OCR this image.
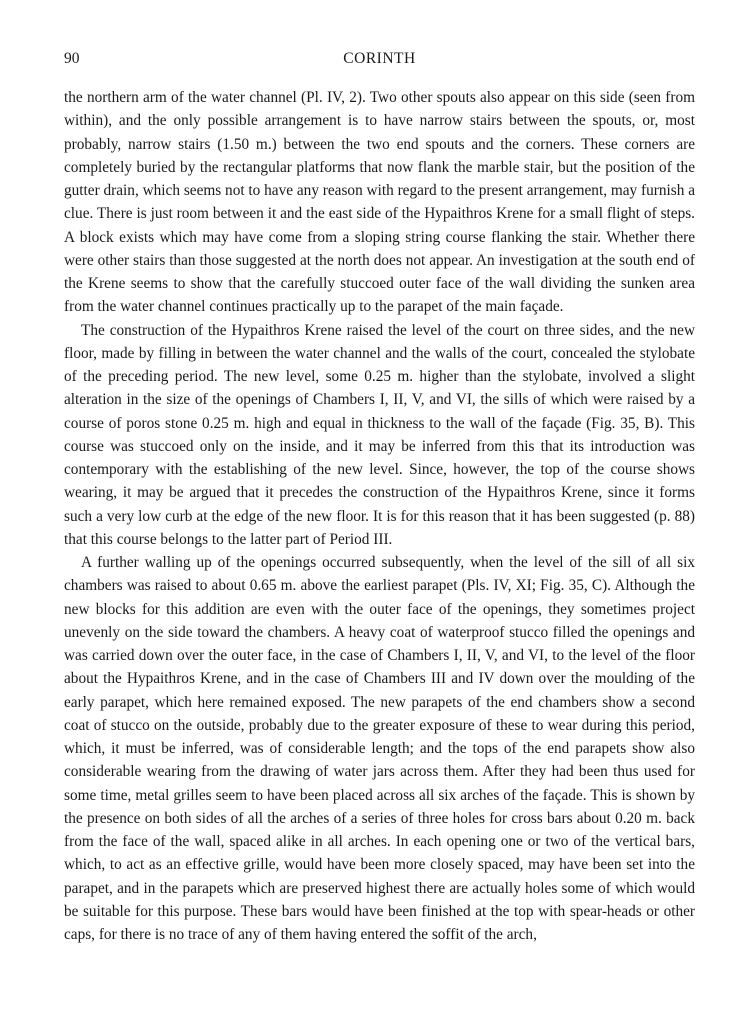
90	CORINTH

the northern arm of the water channel (Pl. IV, 2). Two other spouts also appear on this side (seen from within), and the only possible arrangement is to have narrow stairs between the spouts, or, most probably, narrow stairs (1.50 m.) between the two end spouts and the corners. These corners are completely buried by the rectangular platforms that now flank the marble stair, but the position of the gutter drain, which seems not to have any reason with regard to the present arrangement, may furnish a clue. There is just room between it and the east side of the Hypaithros Krene for a small flight of steps. A block exists which may have come from a sloping string course flanking the stair. Whether there were other stairs than those suggested at the north does not appear. An investigation at the south end of the Krene seems to show that the carefully stuccoed outer face of the wall dividing the sunken area from the water channel continues practically up to the parapet of the main façade.

The construction of the Hypaithros Krene raised the level of the court on three sides, and the new floor, made by filling in between the water channel and the walls of the court, concealed the stylobate of the preceding period. The new level, some 0.25 m. higher than the stylobate, involved a slight alteration in the size of the openings of Chambers I, II, V, and VI, the sills of which were raised by a course of poros stone 0.25 m. high and equal in thickness to the wall of the façade (Fig. 35, B). This course was stuccoed only on the inside, and it may be inferred from this that its introduction was contemporary with the establishing of the new level. Since, however, the top of the course shows wearing, it may be argued that it precedes the construction of the Hypaithros Krene, since it forms such a very low curb at the edge of the new floor. It is for this reason that it has been suggested (p. 88) that this course belongs to the latter part of Period III.

A further walling up of the openings occurred subsequently, when the level of the sill of all six chambers was raised to about 0.65 m. above the earliest parapet (Pls. IV, XI; Fig. 35, C). Although the new blocks for this addition are even with the outer face of the openings, they sometimes project unevenly on the side toward the chambers. A heavy coat of waterproof stucco filled the openings and was carried down over the outer face, in the case of Chambers I, II, V, and VI, to the level of the floor about the Hypaithros Krene, and in the case of Chambers III and IV down over the moulding of the early parapet, which here remained exposed. The new parapets of the end chambers show a second coat of stucco on the outside, probably due to the greater exposure of these to wear during this period, which, it must be inferred, was of considerable length; and the tops of the end parapets show also considerable wearing from the drawing of water jars across them. After they had been thus used for some time, metal grilles seem to have been placed across all six arches of the façade. This is shown by the presence on both sides of all the arches of a series of three holes for cross bars about 0.20 m. back from the face of the wall, spaced alike in all arches. In each opening one or two of the vertical bars, which, to act as an effective grille, would have been more closely spaced, may have been set into the parapet, and in the parapets which are preserved highest there are actually holes some of which would be suitable for this purpose. These bars would have been finished at the top with spear-heads or other caps, for there is no trace of any of them having entered the soffit of the arch,
